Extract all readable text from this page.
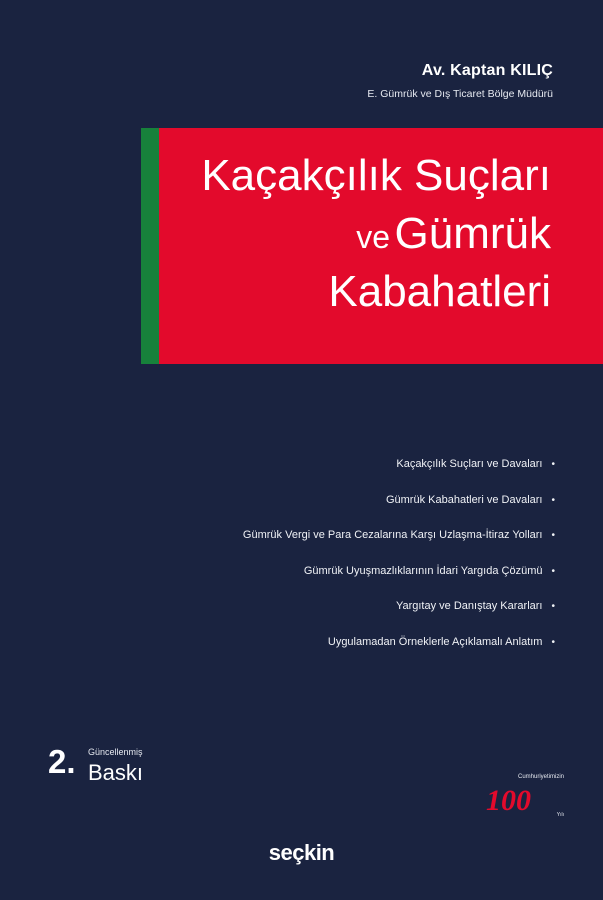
Av. Kaptan KILIÇ
E. Gümrük ve Dış Ticaret Bölge Müdürü
Kaçakçılık Suçları
ve Gümrük
Kabahatleri
Kaçakçılık Suçları ve Davaları •
Gümrük Kabahatleri ve Davaları •
Gümrük Vergi ve Para Cezalarına Karşı Uzlaşma-İtiraz Yolları •
Gümrük Uyuşmazlıklarının İdari Yargıda Çözümü •
Yargıtay ve Danıştay Kararları •
Uygulamadan Örneklerle Açıklamalı Anlatım •
2. Güncellenmiş
Baskı	Cumhuriyetimizin
100	Yılı
seçkin
